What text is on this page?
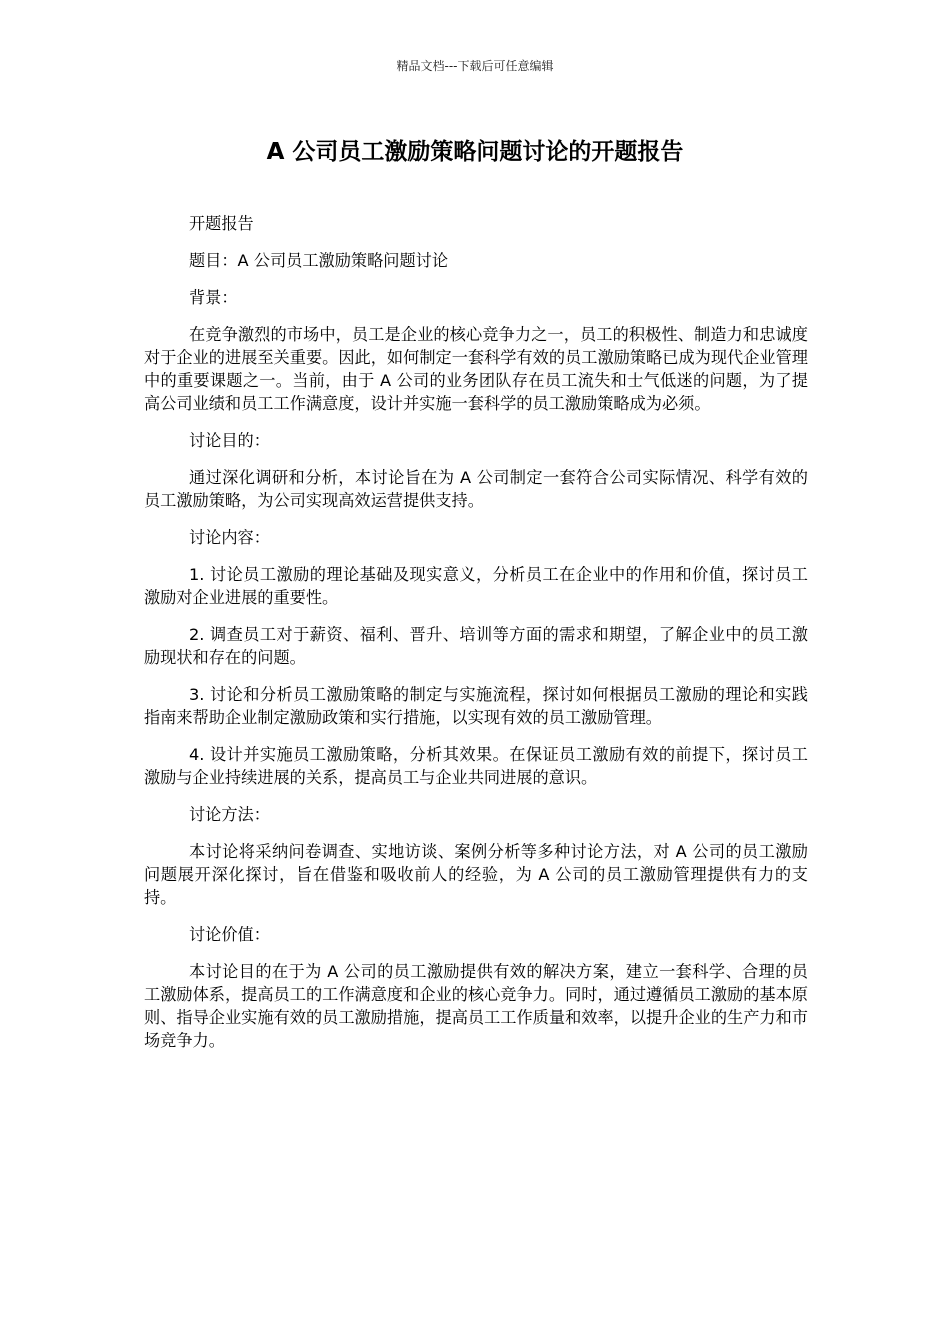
精品文档---下载后可任意编辑
A 公司员工激励策略问题讨论的开题报告

开题报告

题目：A 公司员工激励策略问题讨论

背景：

在竞争激烈的市场中，员工是企业的核心竞争力之一，员工的积极性、制造力和忠诚度对于企业的进展至关重要。因此，如何制定一套科学有效的员工激励策略已成为现代企业管理中的重要课题之一。当前，由于 A 公司的业务团队存在员工流失和士气低迷的问题，为了提高公司业绩和员工工作满意度，设计并实施一套科学的员工激励策略成为必须。

讨论目的：

通过深化调研和分析，本讨论旨在为 A 公司制定一套符合公司实际情况、科学有效的员工激励策略，为公司实现高效运营提供支持。

讨论内容：

1. 讨论员工激励的理论基础及现实意义，分析员工在企业中的作用和价值，探讨员工激励对企业进展的重要性。

2. 调查员工对于薪资、福利、晋升、培训等方面的需求和期望，了解企业中的员工激励现状和存在的问题。

3. 讨论和分析员工激励策略的制定与实施流程，探讨如何根据员工激励的理论和实践指南来帮助企业制定激励政策和实行措施，以实现有效的员工激励管理。

4. 设计并实施员工激励策略，分析其效果。在保证员工激励有效的前提下，探讨员工激励与企业持续进展的关系，提高员工与企业共同进展的意识。

讨论方法：

本讨论将采纳问卷调查、实地访谈、案例分析等多种讨论方法，对 A 公司的员工激励问题展开深化探讨，旨在借鉴和吸收前人的经验，为 A 公司的员工激励管理提供有力的支持。

讨论价值：

本讨论目的在于为 A 公司的员工激励提供有效的解决方案，建立一套科学、合理的员工激励体系，提高员工的工作满意度和企业的核心竞争力。同时，通过遵循员工激励的基本原则、指导企业实施有效的员工激励措施，提高员工工作质量和效率，以提升企业的生产力和市场竞争力。
